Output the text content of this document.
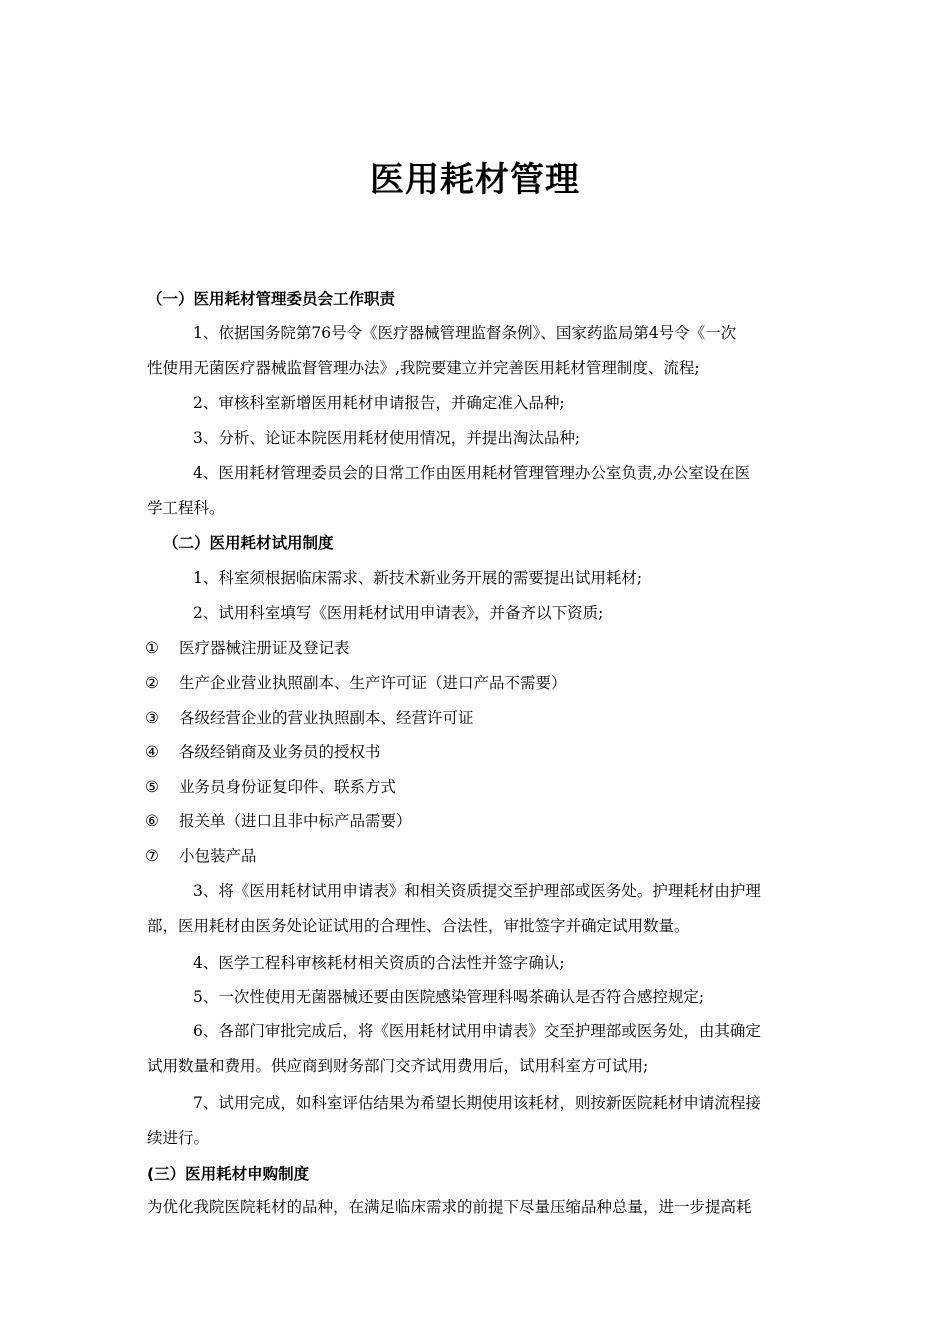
医用耗材管理
（一）医用耗材管理委员会工作职责
1、依据国务院第76号令《医疗器械管理监督条例》、国家药监局第4号令《一次
性使用无菌医疗器械监督管理办法》,我院要建立并完善医用耗材管理制度、流程;
2、审核科室新增医用耗材申请报告，并确定准入品种;
3、分析、论证本院医用耗材使用情况，并提出淘汰品种;
4、医用耗材管理委员会的日常工作由医用耗材管理管理办公室负责,办公室设在医
学工程科。
（二）医用耗材试用制度
1、科室须根据临床需求、新技术新业务开展的需要提出试用耗材;
2、试用科室填写《医用耗材试用申请表》，并备齐以下资质;
① 医疗器械注册证及登记表
② 生产企业营业执照副本、生产许可证（进口产品不需要）
③ 各级经营企业的营业执照副本、经营许可证
④ 各级经销商及业务员的授权书
⑤ 业务员身份证复印件、联系方式
⑥ 报关单（进口且非中标产品需要）
⑦ 小包装产品
3、将《医用耗材试用申请表》和相关资质提交至护理部或医务处。护理耗材由护理
部，医用耗材由医务处论证试用的合理性、合法性，审批签字并确定试用数量。
4、医学工程科审核耗材相关资质的合法性并签字确认;
5、一次性使用无菌器械还要由医院感染管理科喝茶确认是否符合感控规定;
6、各部门审批完成后，将《医用耗材试用申请表》交至护理部或医务处，由其确定
试用数量和费用。供应商到财务部门交齐试用费用后，试用科室方可试用;
7、试用完成，如科室评估结果为希望长期使用该耗材，则按新医院耗材申请流程接
续进行。
(三）医用耗材申购制度
为优化我院医院耗材的品种，在满足临床需求的前提下尽量压缩品种总量，进一步提高耗
